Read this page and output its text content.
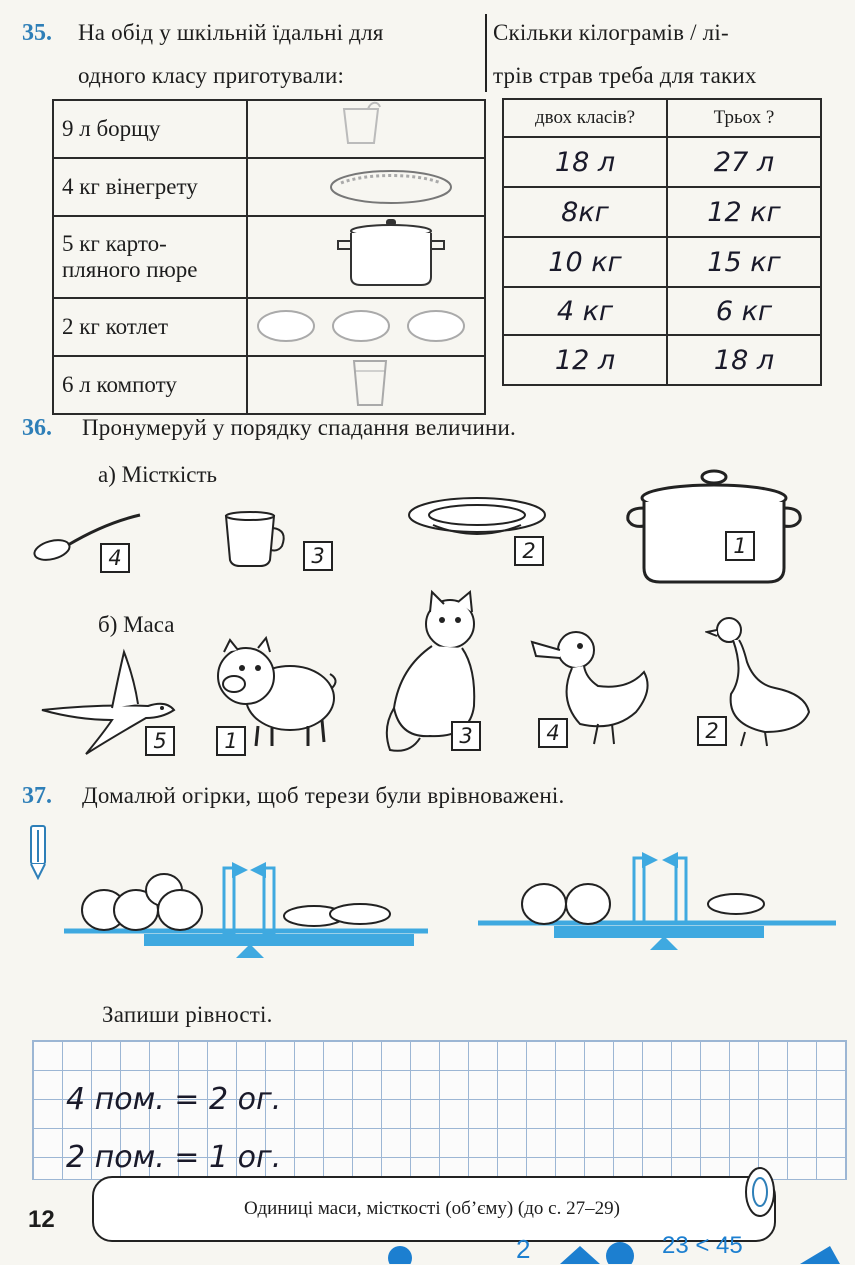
35. На обід у шкільній їдальні для
одного класу приготували:
Скільки кілограмів / лі-
трів страв треба для таких
9 л борщу	
4 кг вінегрету	

5 кг карто-
пляного пюре

2 кг котлет	
6 л компоту	
двох класів?	Трьох ?
18 л	27 л
8кг	12 кг
10 кг	15 кг
4 кг	6 кг
12 л	18 л
36. Пронумеруй у порядку спадання величини.
а) Місткість
4	3	2	1
б) Маса
5	1	3	4	2
37. Домалюй огірки, щоб терези були врівноважені.
Запиши рівності.
4 пом. = 2 ог.
2 пом. = 1 ог.
12	Одиниці маси, місткості (об’єму) (до с. 27–29)
2	23 < 45
